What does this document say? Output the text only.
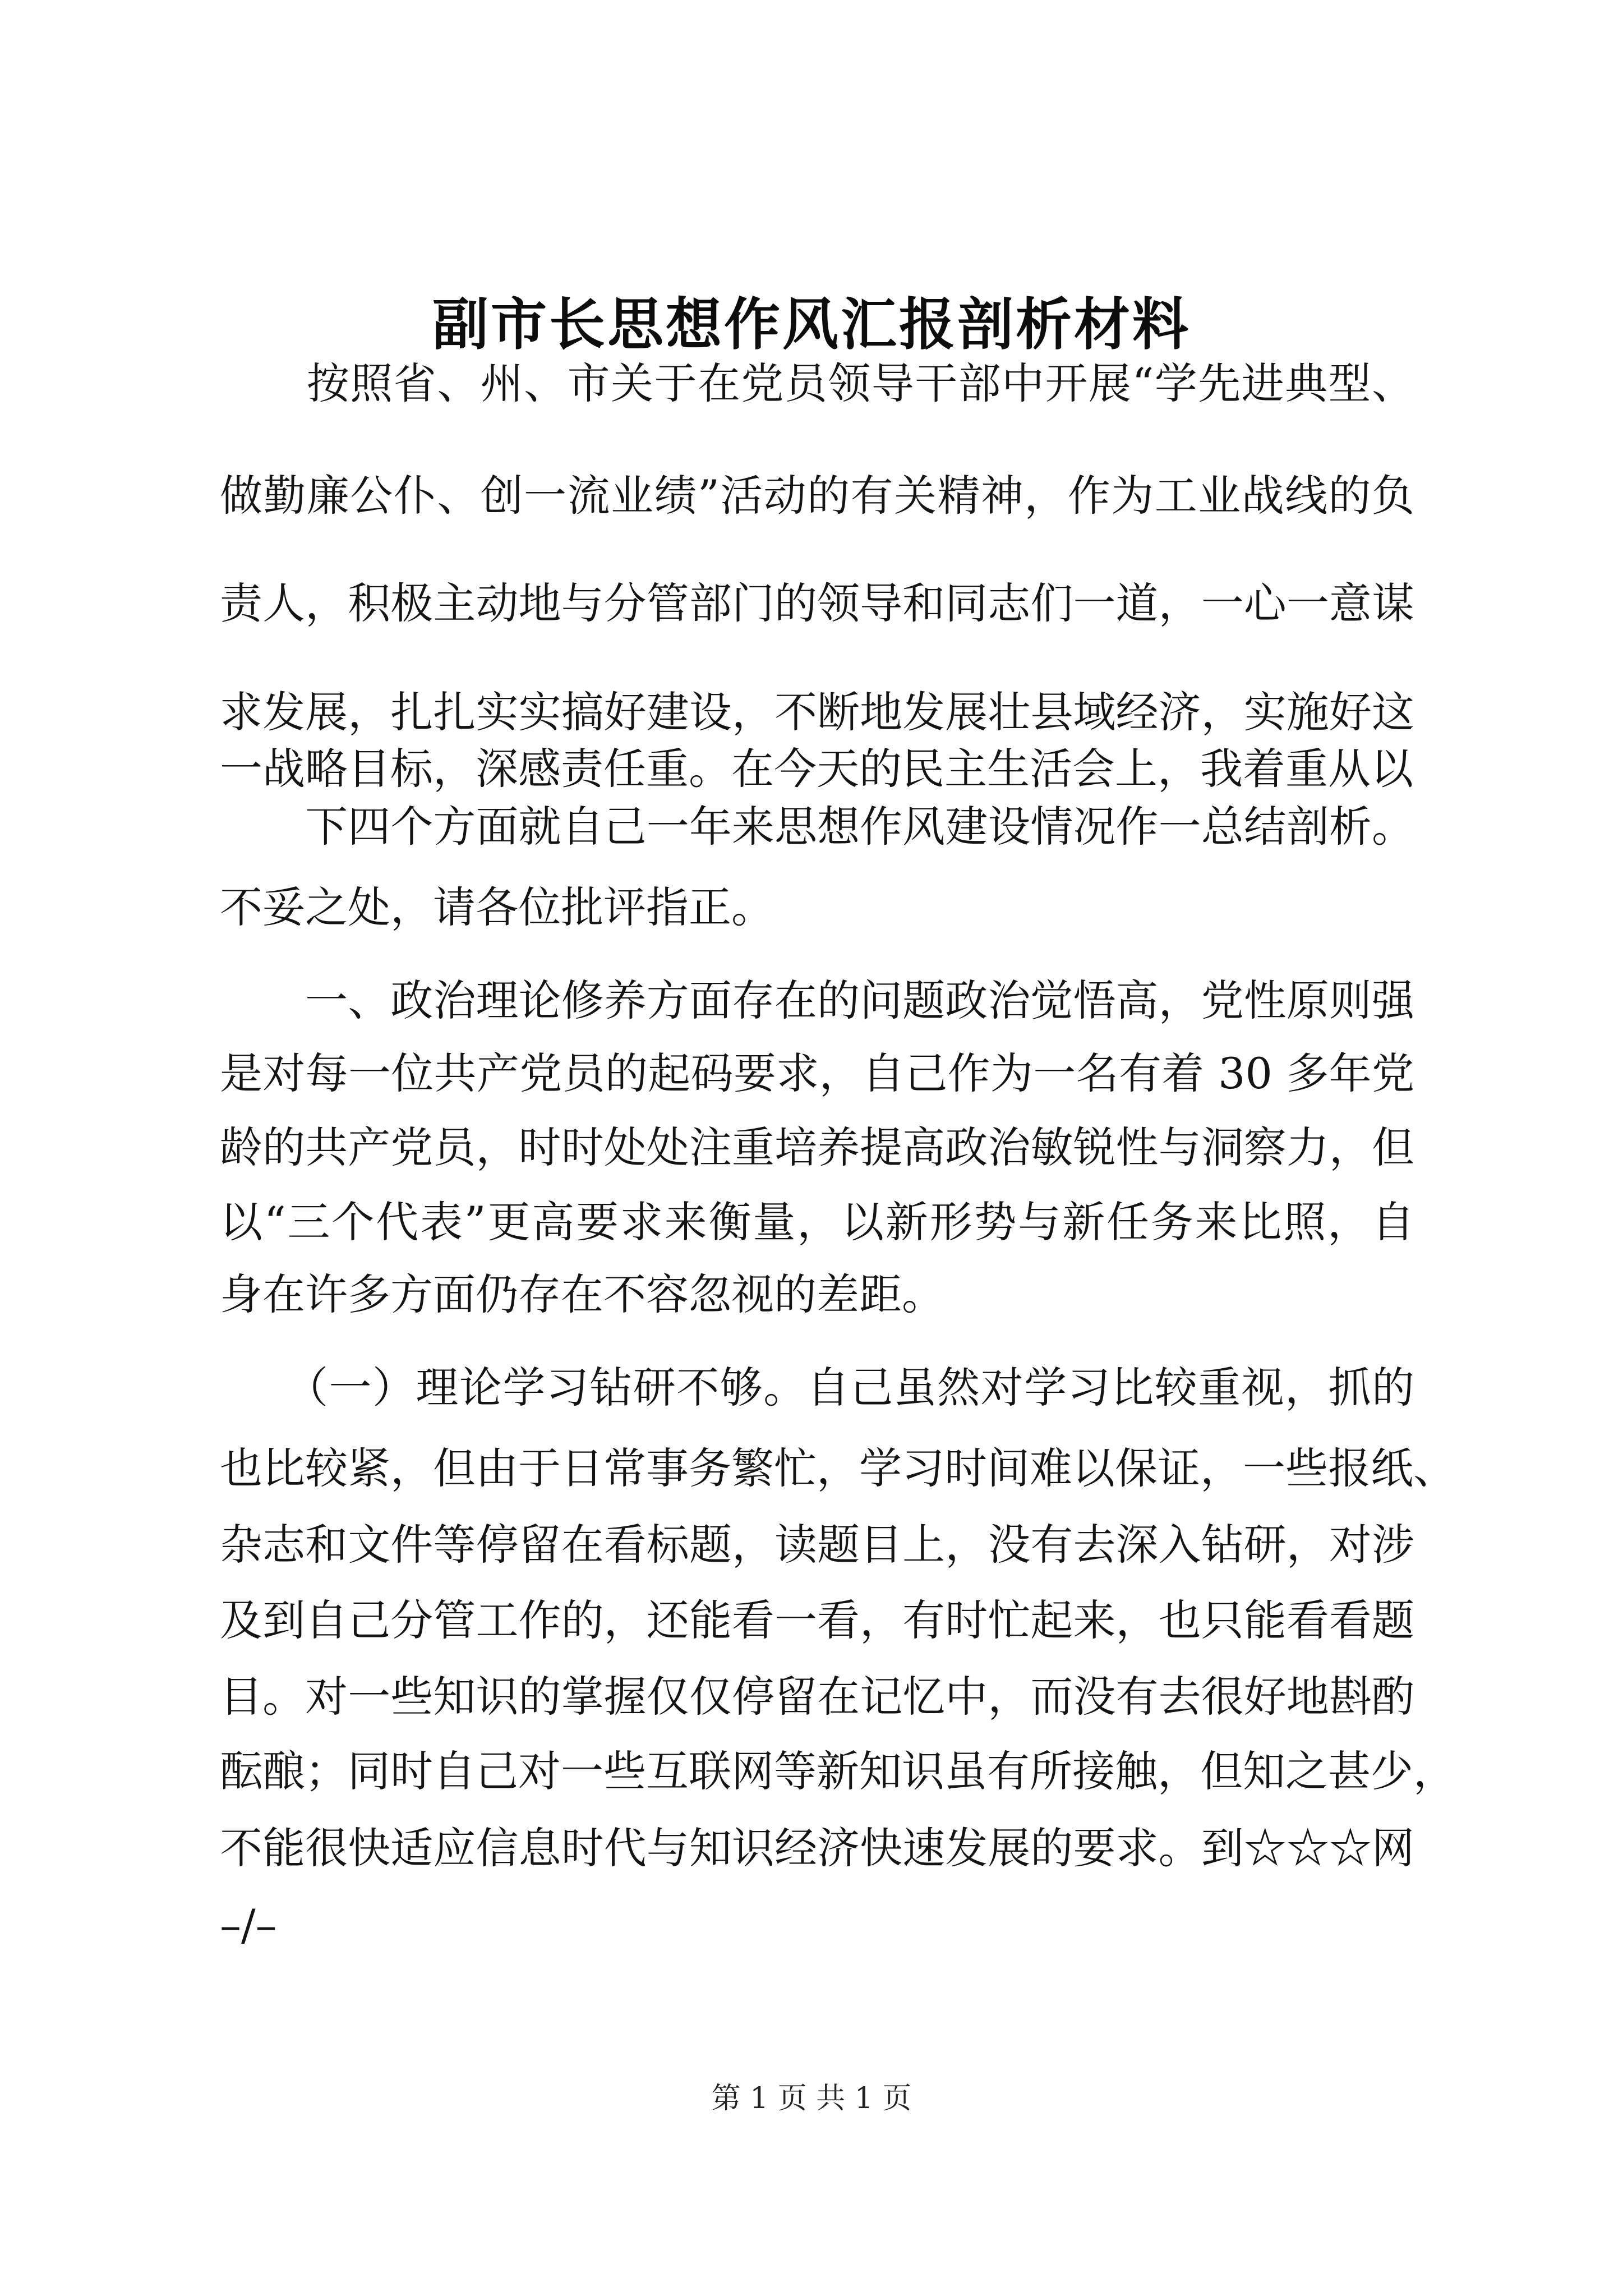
副市长思想作风汇报剖析材料
　　按照省、州、市关于在党员领导干部中开展“学先进典型、
做勤廉公仆、创一流业绩”活动的有关精神，作为工业战线的负
责人，积极主动地与分管部门的领导和同志们一道，一心一意谋
求发展，扎扎实实搞好建设，不断地发展壮县域经济，实施好这
一战略目标，深感责任重。在今天的民主生活会上，我着重从以
　　下四个方面就自己一年来思想作风建设情况作一总结剖析。
不妥之处，请各位批评指正。
　　一、政治理论修养方面存在的问题政治觉悟高，党性原则强
是对每一位共产党员的起码要求，自己作为一名有着 30 多年党
龄的共产党员，时时处处注重培养提高政治敏锐性与洞察力，但
以“三个代表”更高要求来衡量，以新形势与新任务来比照，自
身在许多方面仍存在不容忽视的差距。
　　（一）理论学习钻研不够。自己虽然对学习比较重视，抓的
也比较紧，但由于日常事务繁忙，学习时间难以保证，一些报纸、
杂志和文件等停留在看标题，读题目上，没有去深入钻研，对涉
及到自己分管工作的，还能看一看，有时忙起来，也只能看看题
目。对一些知识的掌握仅仅停留在记忆中，而没有去很好地斟酌
酝酿；同时自己对一些互联网等新知识虽有所接触，但知之甚少，
不能很快适应信息时代与知识经济快速发展的要求。到☆☆☆网
–/–
第 1 页 共 1 页
